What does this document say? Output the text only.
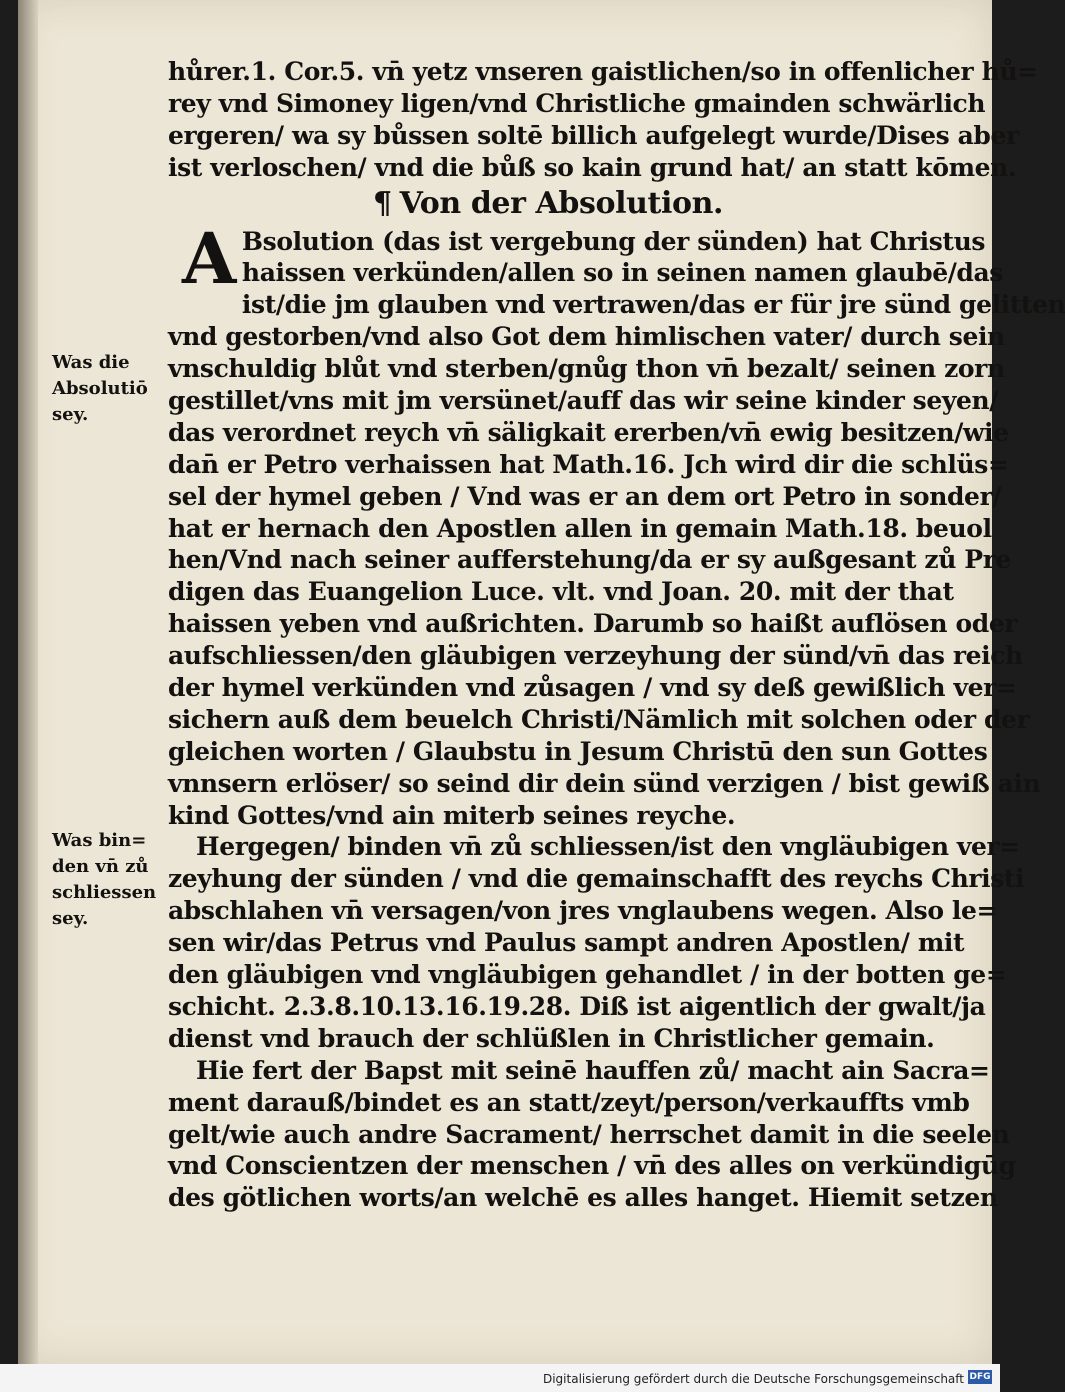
Was die
Absolutiō
sey.
Was bin=
den vn̄ zů
schliessen
sey.
hůrer.1. Cor.5. vn̄ yetz vnseren gaistlichen/so in offenlicher hů=
rey vnd Simoney ligen/vnd Christliche gmainden schwärlich
ergeren/ wa sy bůssen soltē billich aufgelegt wurde/Dises aber
ist verloschen/ vnd die bůß so kain grund hat/ an statt kōmen.
¶ Von der Absolution.
A Bsolution (das ist vergebung der sünden) hat Christus
haissen verkünden/allen so in seinen namen glaubē/das
ist/die jm glauben vnd vertrawen/das er für jre sünd gelitten
vnd gestorben/vnd also Got dem himlischen vater/ durch sein
vnschuldig blůt vnd sterben/gnůg thon vn̄ bezalt/ seinen zorn
gestillet/vns mit jm versünet/auff das wir seine kinder seyen/
das verordnet reych vn̄ säligkait ererben/vn̄ ewig besitzen/wie
dan̄ er Petro verhaissen hat Math.16. Jch wird dir die schlüs=
sel der hymel geben / Vnd was er an dem ort Petro in sonder/
hat er hernach den Apostlen allen in gemain Math.18. beuol
hen/Vnd nach seiner aufferstehung/da er sy außgesant zů Pre
digen das Euangelion Luce. vlt. vnd Joan. 20. mit der that
haissen yeben vnd außrichten. Darumb so haißt auflösen oder
aufschliessen/den gläubigen verzeyhung der sünd/vn̄ das reich
der hymel verkünden vnd zůsagen / vnd sy deß gewißlich ver=
sichern auß dem beuelch Christi/Nämlich mit solchen oder der
gleichen worten / Glaubstu in Jesum Christū den sun Gottes
vnnsern erlöser/ so seind dir dein sünd verzigen / bist gewiß ain
kind Gottes/vnd ain miterb seines reyche.
Hergegen/ binden vn̄ zů schliessen/ist den vngläubigen ver=
zeyhung der sünden / vnd die gemainschafft des reychs Christi
abschlahen vn̄ versagen/von jres vnglaubens wegen. Also le=
sen wir/das Petrus vnd Paulus sampt andren Apostlen/ mit
den gläubigen vnd vngläubigen gehandlet / in der botten ge=
schicht. 2.3.8.10.13.16.19.28. Diß ist aigentlich der gwalt/ja
dienst vnd brauch der schlüßlen in Christlicher gemain.
Hie fert der Bapst mit seinē hauffen zů/ macht ain Sacra=
ment darauß/bindet es an statt/zeyt/person/verkauffts vmb
gelt/wie auch andre Sacrament/ herrschet damit in die seelen
vnd Conscientzen der menschen / vn̄ des alles on verkündigūg
des götlichen worts/an welchē es alles hanget. Hiemit setzen
Digitalisierung gefördert durch die Deutsche Forschungsgemeinschaft DFG
